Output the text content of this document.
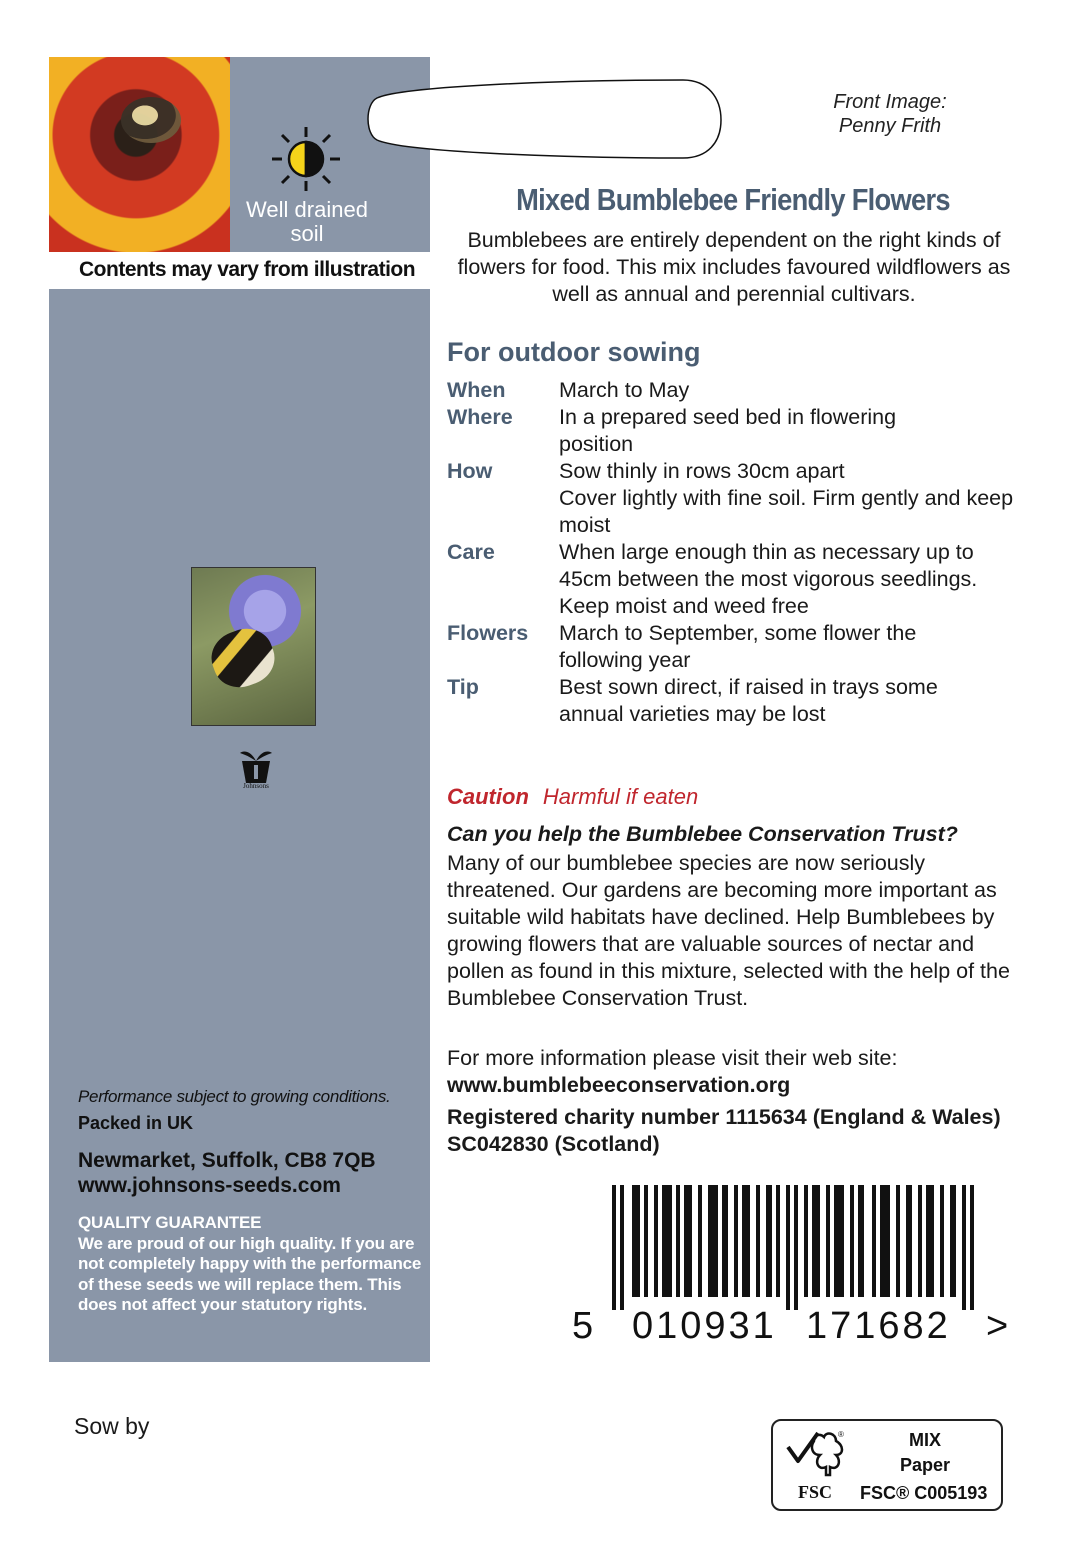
Well drained
soil
Contents may vary from illustration
Johnsons
Performance subject to growing conditions.
Packed in UK
Newmarket, Suffolk, CB8 7QB
www.johnsons-seeds.com
QUALITY GUARANTEE
We are proud of our high quality. If you are not completely happy with the performance of these seeds we will replace them. This does not affect your statutory rights.
Front Image:
Penny Frith
Mixed Bumblebee Friendly Flowers
Bumblebees are entirely dependent on the right kinds of flowers for food. This mix includes favoured wildflowers as well as annual and perennial cultivars.
For outdoor sowing
When	March to May
Where	In a prepared seed bed in flowering position
How	Sow thinly in rows 30cm apart
Cover lightly with fine soil. Firm gently and keep moist
Care	When large enough thin as necessary up to 45cm between the most vigorous seedlings. Keep moist and weed free
Flowers	March to September, some flower the following year
Tip	Best sown direct, if raised in trays some annual varieties may be lost
Caution Harmful if eaten
Can you help the Bumblebee Conservation Trust?
Many of our bumblebee species are now seriously threatened. Our gardens are becoming more important as suitable wild habitats have declined. Help Bumblebees by growing flowers that are valuable sources of nectar and pollen as found in this mixture, selected with the help of the Bumblebee Conservation Trust.
For more information please visit their web site:
www.bumblebeeconservation.org
Registered charity number 1115634 (England & Wales) SC042830 (Scotland)
5 010931 171682 >
Sow by	®
FSC
MIX
Paper
FSC® C005193
